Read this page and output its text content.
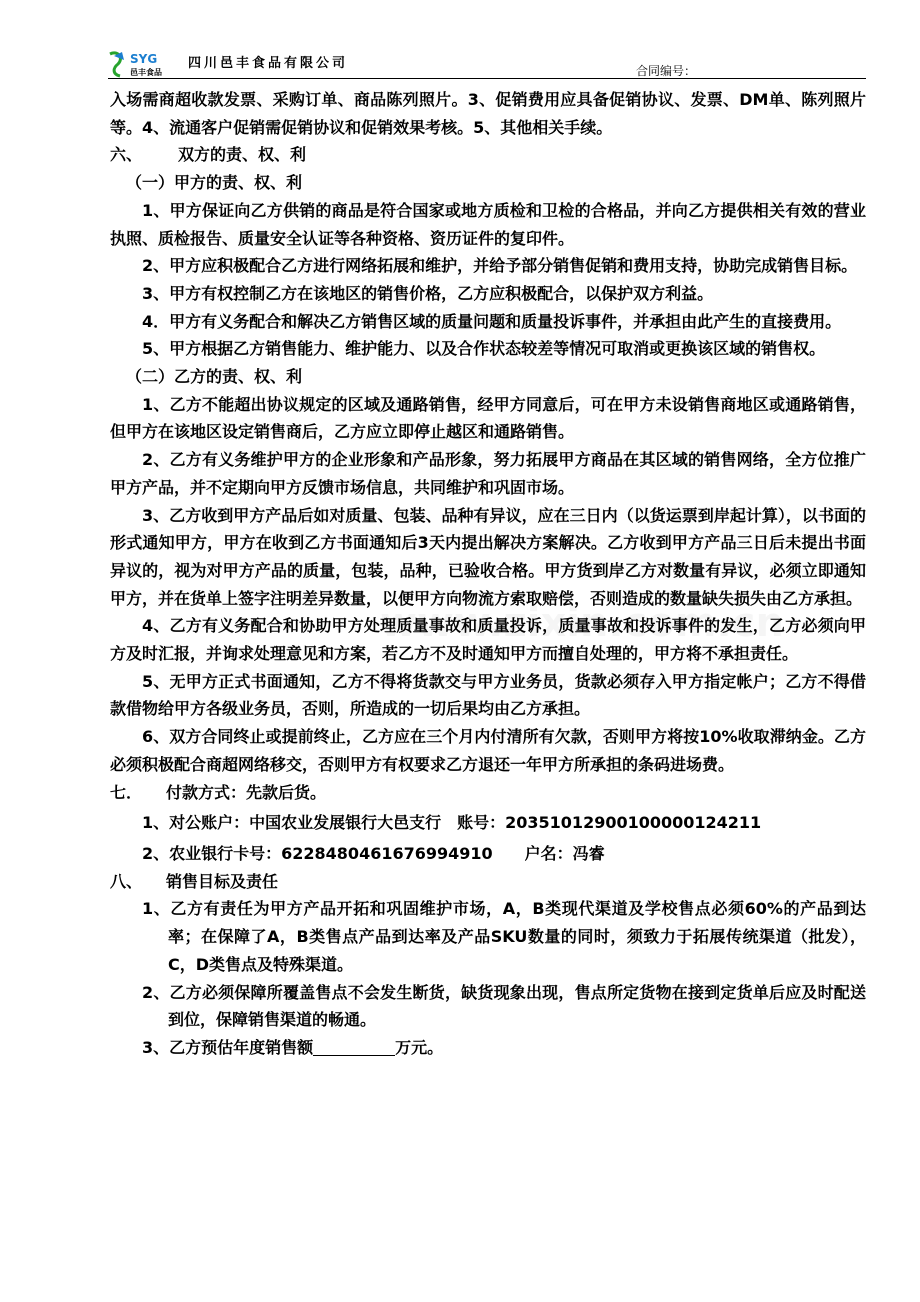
SYG
邑丰食品
四川邑丰食品有限公司	合同编号：

入场需商超收款发票、采购订单、商品陈列照片。3、促销费用应具备促销协议、发票、DM单、陈列照片等。4、流通客户促销需促销协议和促销效果考核。5、其他相关手续。

六、 双方的责、权、利

（一）甲方的责、权、利

1、甲方保证向乙方供销的商品是符合国家或地方质检和卫检的合格品，并向乙方提供相关有效的营业执照、质检报告、质量安全认证等各种资格、资历证件的复印件。

2、甲方应积极配合乙方进行网络拓展和维护，并给予部分销售促销和费用支持，协助完成销售目标。

3、甲方有权控制乙方在该地区的销售价格，乙方应积极配合，以保护双方利益。

4．甲方有义务配合和解决乙方销售区域的质量问题和质量投诉事件，并承担由此产生的直接费用。

5、甲方根据乙方销售能力、维护能力、以及合作状态较差等情况可取消或更换该区域的销售权。

（二）乙方的责、权、利

1、乙方不能超出协议规定的区域及通路销售，经甲方同意后，可在甲方未设销售商地区或通路销售，但甲方在该地区设定销售商后，乙方应立即停止越区和通路销售。

2、乙方有义务维护甲方的企业形象和产品形象，努力拓展甲方商品在其区域的销售网络，全方位推广甲方产品，并不定期向甲方反馈市场信息，共同维护和巩固市场。

3、乙方收到甲方产品后如对质量、包装、品种有异议，应在三日内（以货运票到岸起计算），以书面的形式通知甲方，甲方在收到乙方书面通知后3天内提出解决方案解决。乙方收到甲方产品三日后未提出书面异议的，视为对甲方产品的质量，包装，品种，已验收合格。甲方货到岸乙方对数量有异议，必须立即通知甲方，并在货单上签字注明差异数量，以便甲方向物流方索取赔偿，否则造成的数量缺失损失由乙方承担。

4、乙方有义务配合和协助甲方处理质量事故和质量投诉，质量事故和投诉事件的发生，乙方必须向甲方及时汇报，并询求处理意见和方案，若乙方不及时通知甲方而擅自处理的，甲方将不承担责任。

5、无甲方正式书面通知，乙方不得将货款交与甲方业务员，货款必须存入甲方指定帐户；乙方不得借款借物给甲方各级业务员，否则，所造成的一切后果均由乙方承担。

6、双方合同终止或提前终止，乙方应在三个月内付清所有欠款，否则甲方将按10%收取滞纳金。乙方必须积极配合商超网络移交，否则甲方有权要求乙方退还一年甲方所承担的条码进场费。

七． 付款方式：先款后货。

1、对公账户：中国农业发展银行大邑支行　账号：20351012900100000124211

2、农业银行卡号：6228480461676994910　　户名：冯睿

八、 销售目标及责任

1、乙方有责任为甲方产品开拓和巩固维护市场，A，B类现代渠道及学校售点必须60%的产品到达率；在保障了A，B类售点产品到达率及产品SKU数量的同时，须致力于拓展传统渠道（批发），C，D类售点及特殊渠道。

2、乙方必须保障所覆盖售点不会发生断货，缺货现象出现，售点所定货物在接到定货单后应及时配送到位，保障销售渠道的畅通。

3、乙方预估年度销售额	万元。
